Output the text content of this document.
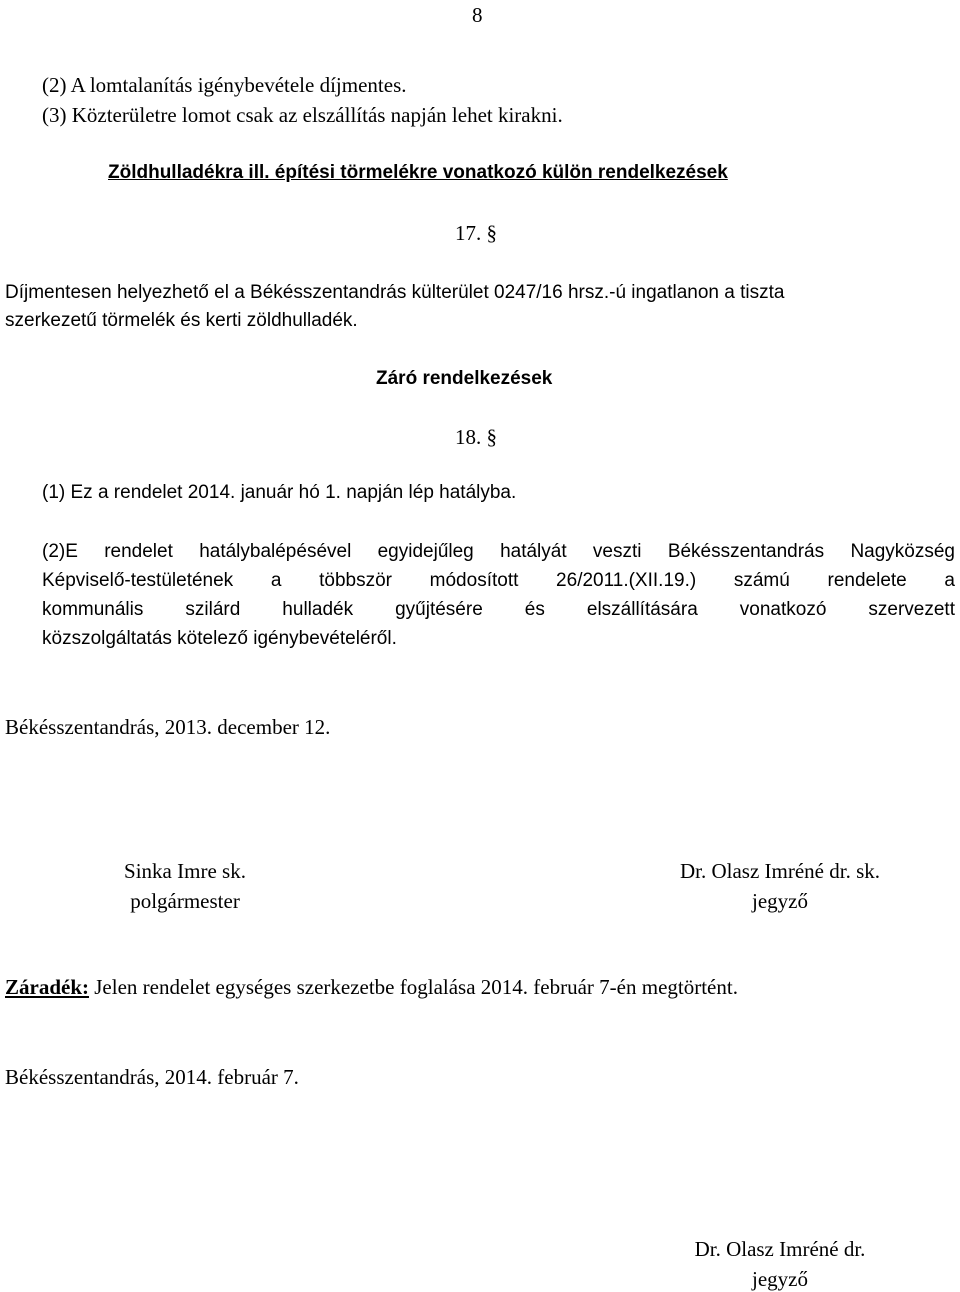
8
(2) A lomtalanítás igénybevétele díjmentes.
(3) Közterületre lomot csak az elszállítás napján lehet kirakni.
Zöldhulladékra ill. építési törmelékre vonatkozó külön rendelkezések
17. §
Díjmentesen helyezhető el a Békésszentandrás külterület 0247/16 hrsz.-ú ingatlanon a tiszta
szerkezetű törmelék és kerti zöldhulladék.
Záró rendelkezések
18. §
(1) Ez a rendelet 2014. január hó 1. napján lép hatályba.
(2)E rendelet hatálybalépésével egyidejűleg hatályát veszti Békésszentandrás Nagyközség
Képviselő-testületének a többször módosított 26/2011.(XII.19.) számú rendelete a
kommunális szilárd hulladék gyűjtésére és elszállítására vonatkozó szervezett
közszolgáltatás kötelező igénybevételéről.
Békésszentandrás, 2013. december 12.
Sinka Imre sk.
polgármester
Dr. Olasz Imréné dr. sk.
jegyző
Záradék: Jelen rendelet egységes szerkezetbe foglalása 2014. február 7-én megtörtént.
Békésszentandrás, 2014. február 7.
Dr. Olasz Imréné dr.
jegyző
